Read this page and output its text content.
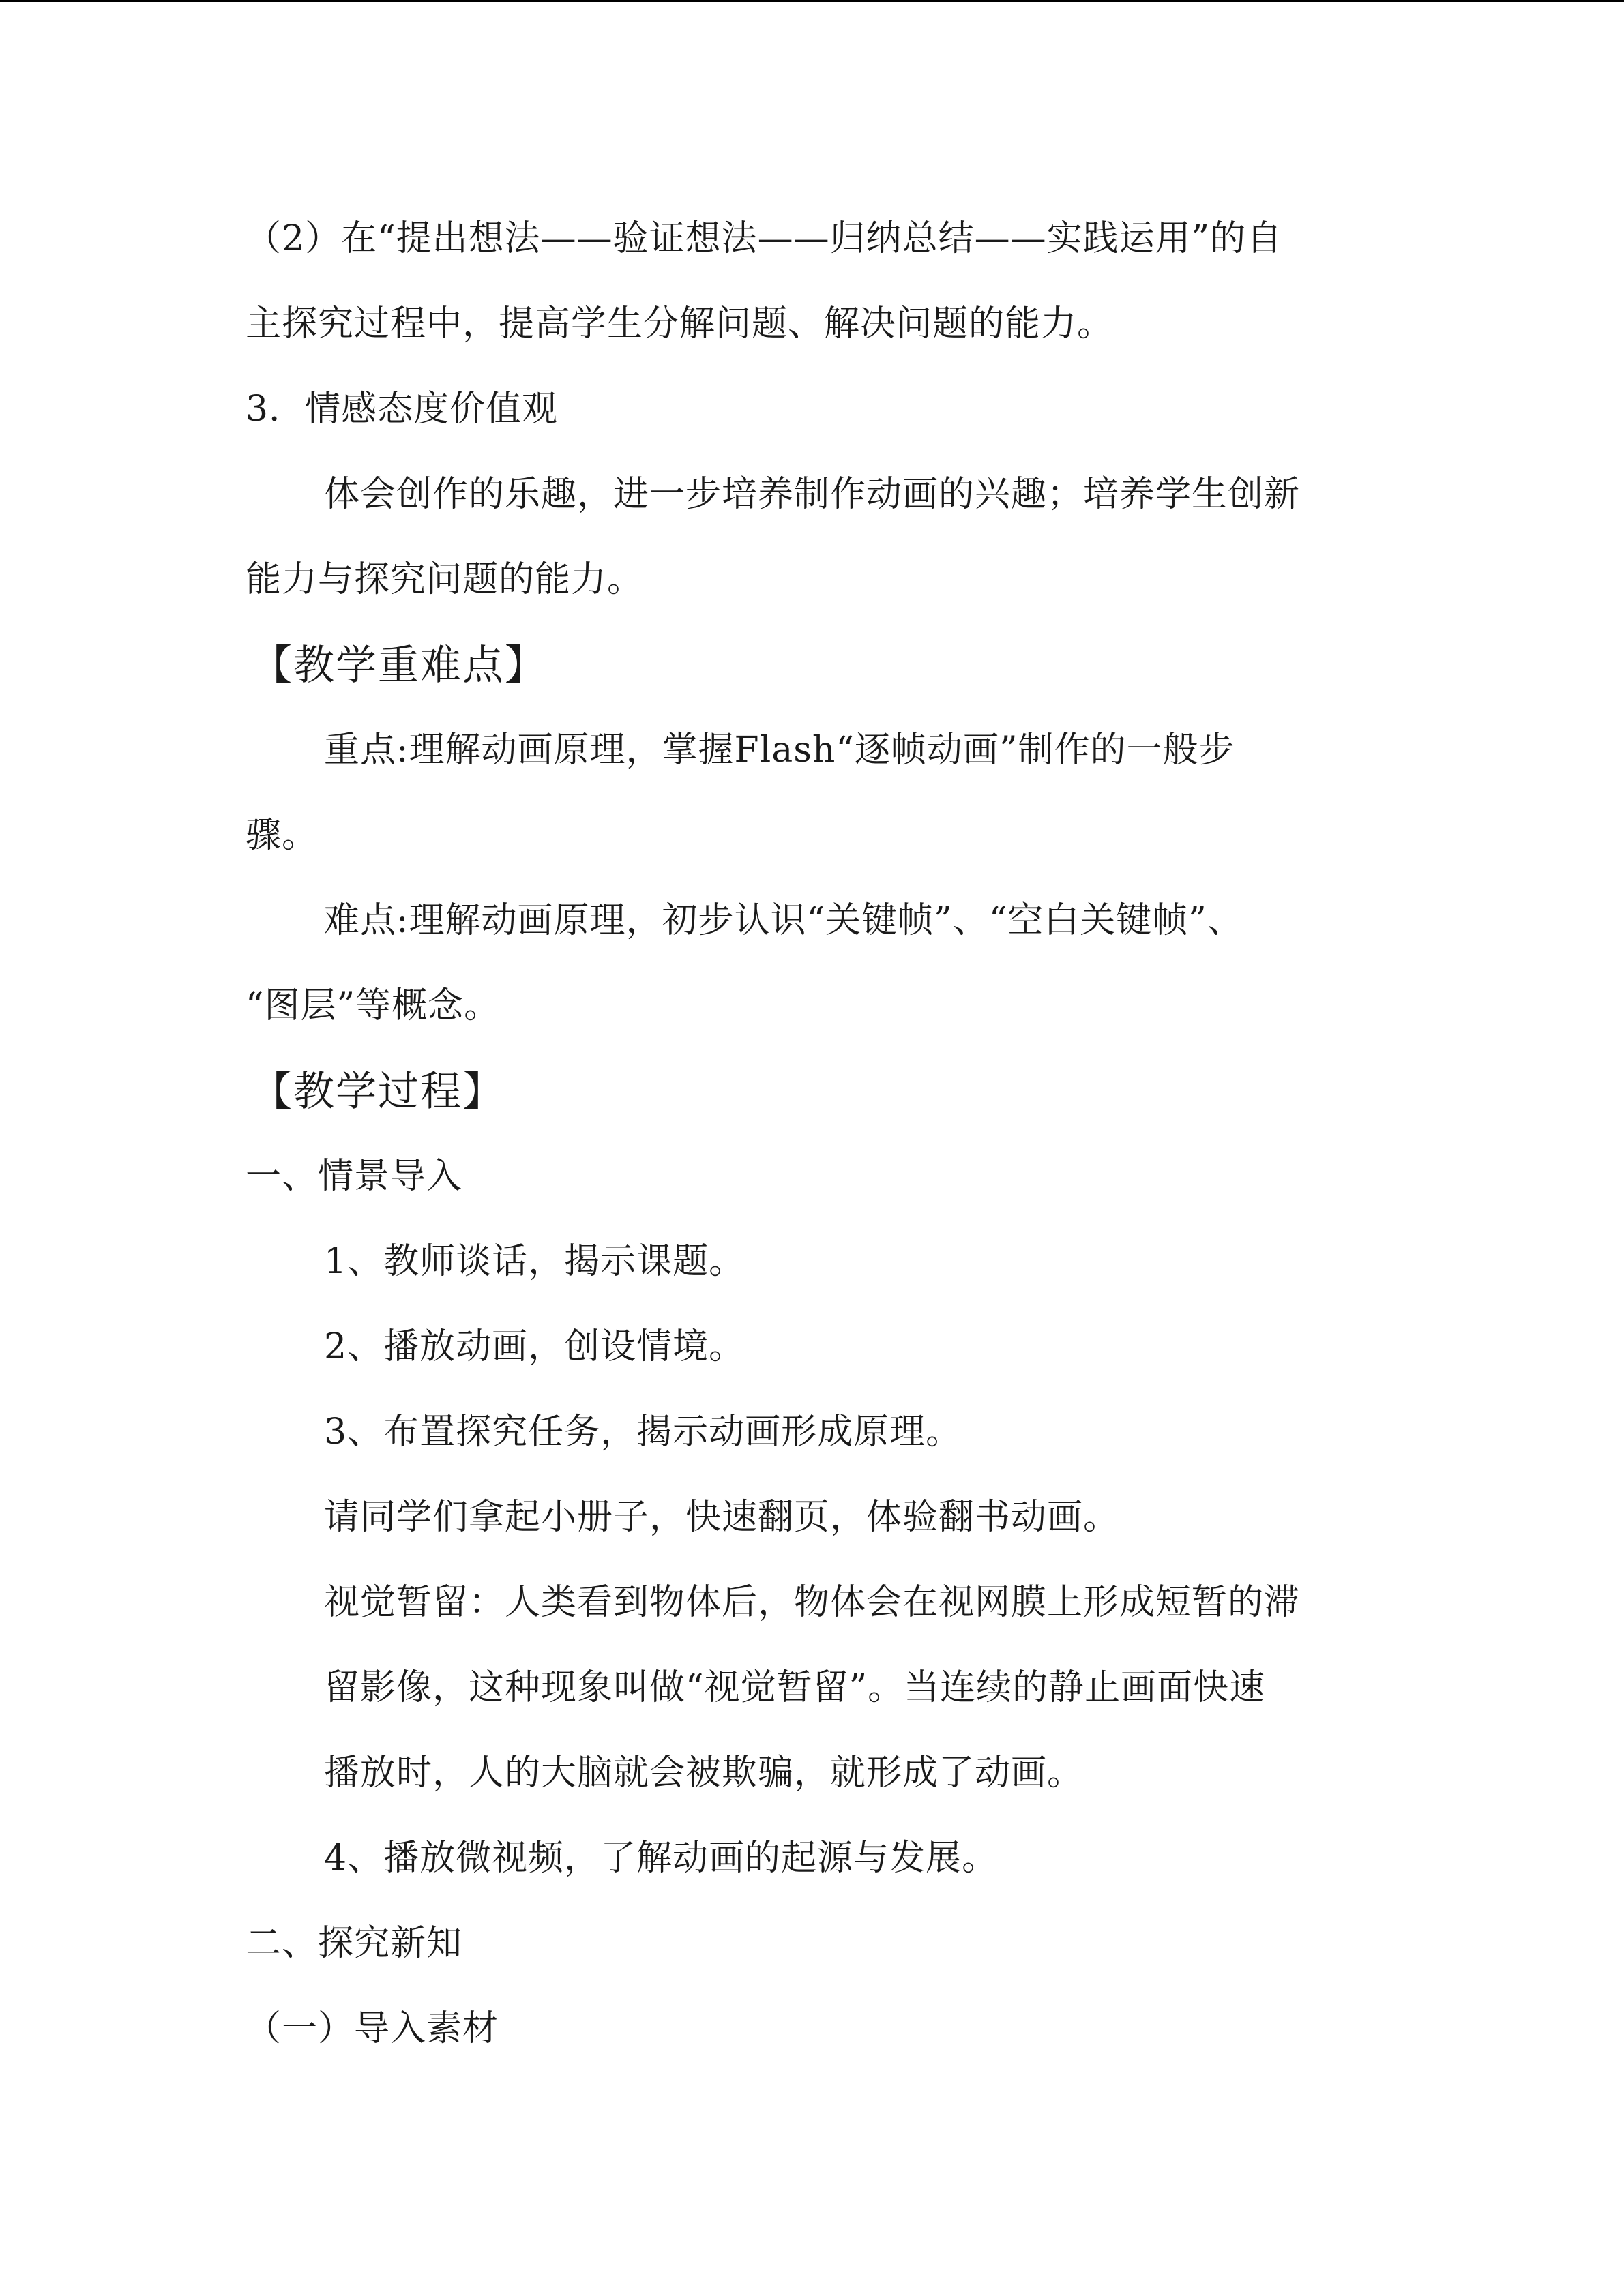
（2）在“提出想法——验证想法——归纳总结——实践运用”的自
主探究过程中，提高学生分解问题、解决问题的能力。
3．情感态度价值观
体会创作的乐趣，进一步培养制作动画的兴趣；培养学生创新
能力与探究问题的能力。
【教学重难点】
重点:理解动画原理，掌握Flash“逐帧动画”制作的一般步
骤。
难点:理解动画原理，初步认识“关键帧”、“空白关键帧”、
“图层”等概念。
【教学过程】
一、情景导入
1、教师谈话，揭示课题。
2、播放动画，创设情境。
3、布置探究任务，揭示动画形成原理。
请同学们拿起小册子，快速翻页，体验翻书动画。
视觉暂留：人类看到物体后，物体会在视网膜上形成短暂的滞
留影像，这种现象叫做“视觉暂留”。当连续的静止画面快速
播放时，人的大脑就会被欺骗，就形成了动画。
4、播放微视频，了解动画的起源与发展。
二、探究新知
（一）导入素材
